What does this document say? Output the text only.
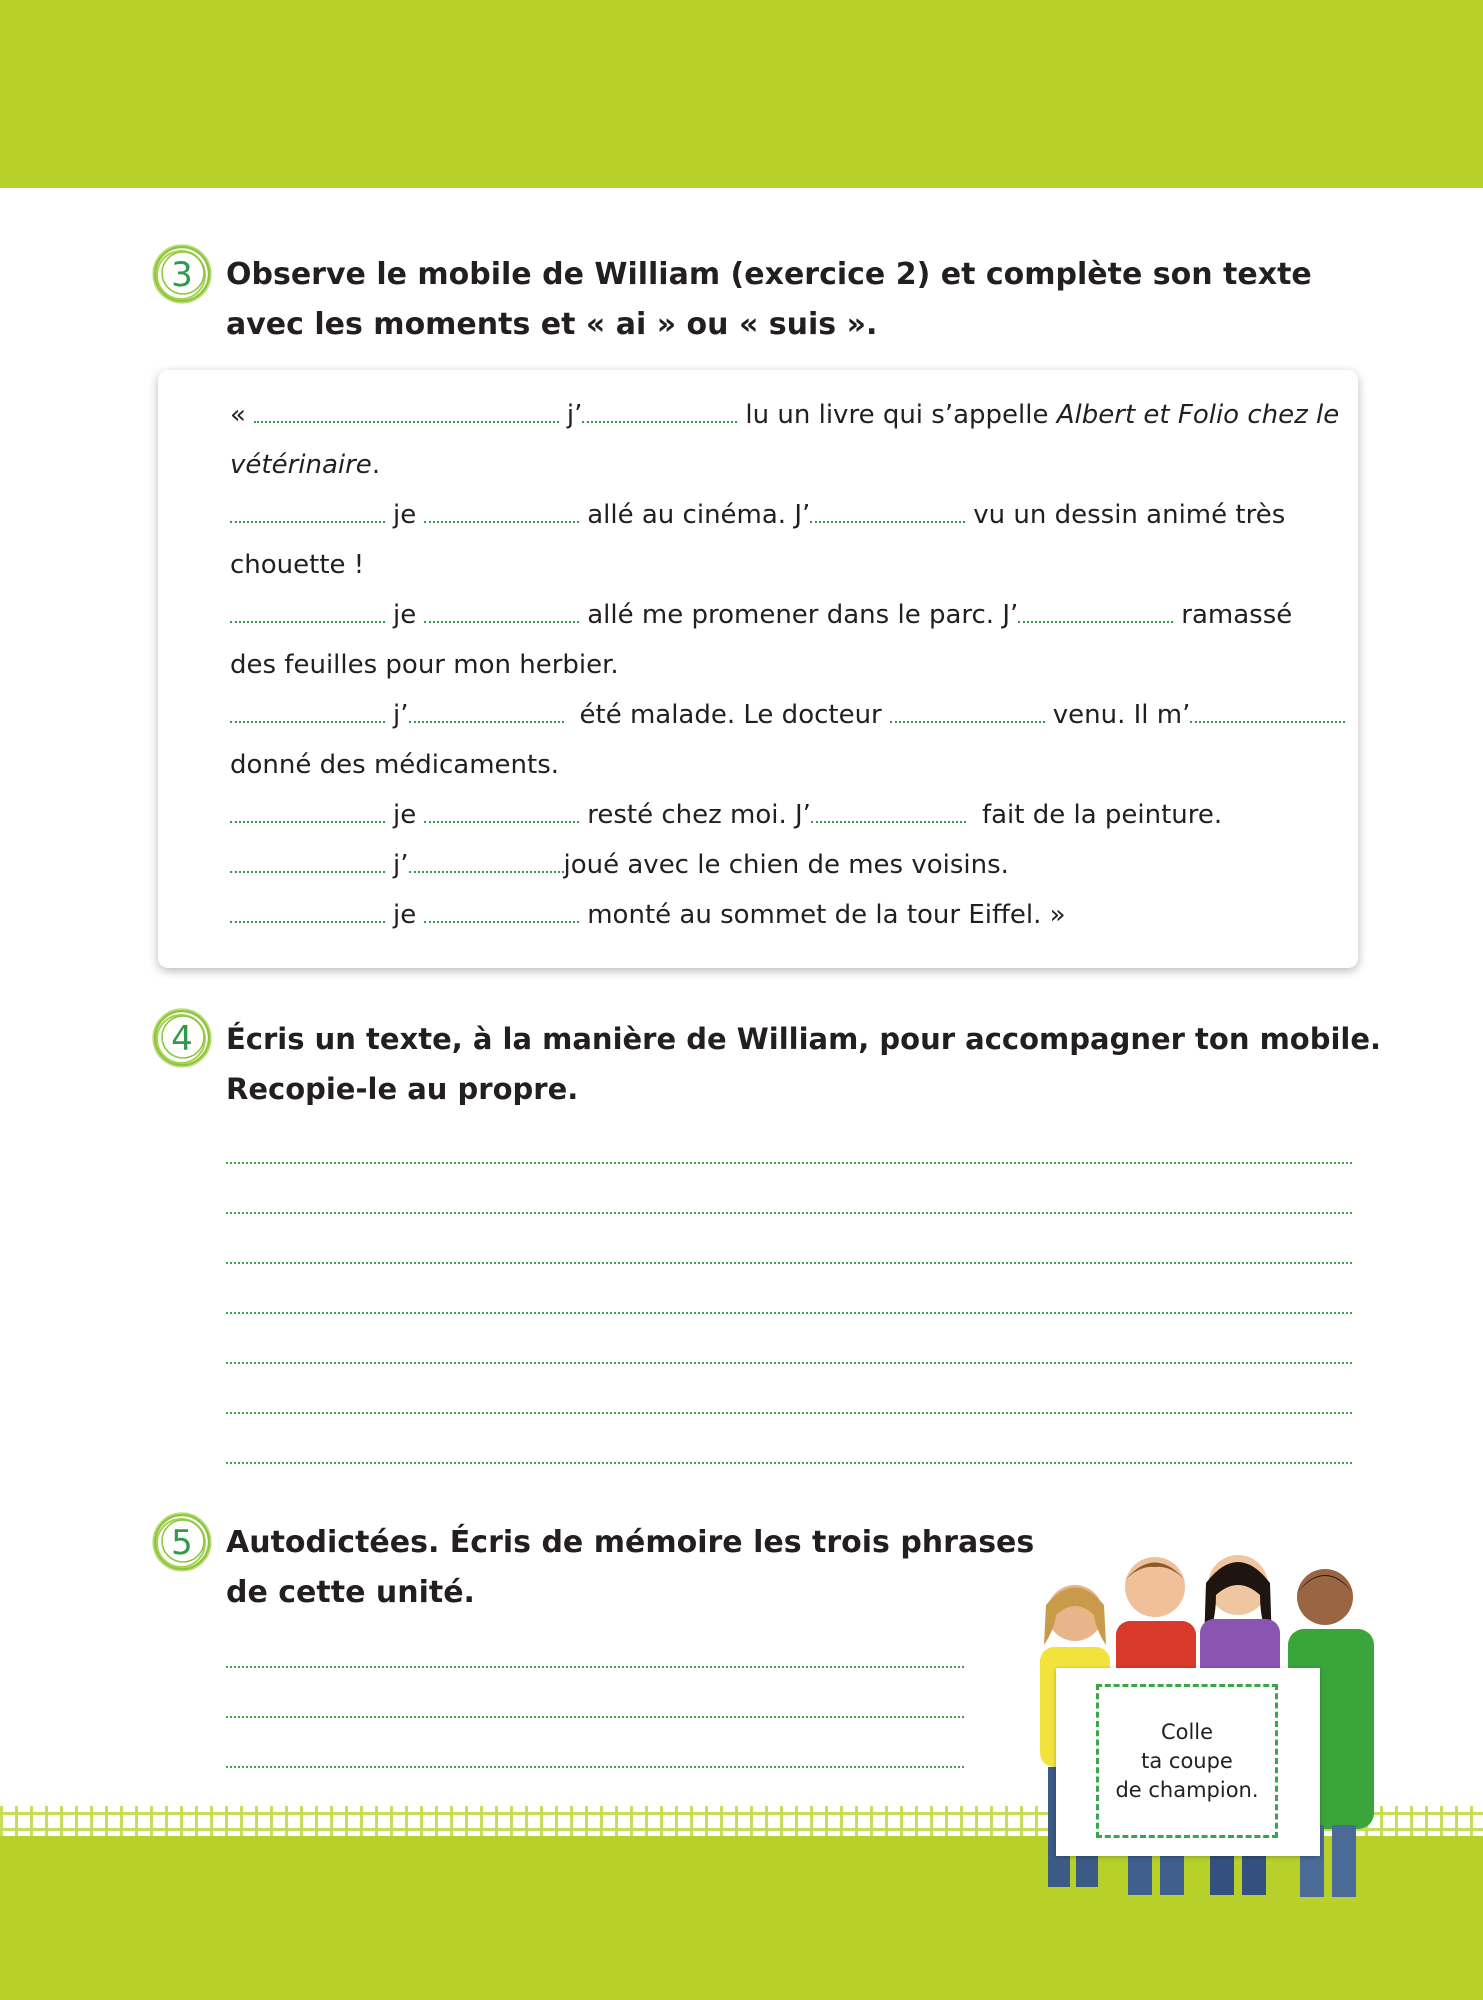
3 Observe le mobile de William (exercice 2) et complète son texte
avec les moments et « ai » ou « suis ».
«	j’	lu un livre qui s’appelle Albert et Folio chez le
vétérinaire.
je	allé au cinéma. J’	vu un dessin animé très
chouette !
je	allé me promener dans le parc. J’	ramassé
des feuilles pour mon herbier.
j’	été malade. Le docteur	venu. Il m’
donné des médicaments.
je	resté chez moi. J’	fait de la peinture.
j’	joué avec le chien de mes voisins.
je	monté au sommet de la tour Eiffel. »
4 Écris un texte, à la manière de William, pour accompagner ton mobile.
Recopie-le au propre.
5 Autodictées. Écris de mémoire les trois phrases
de cette unité.
Colle
ta coupe
de champion.
